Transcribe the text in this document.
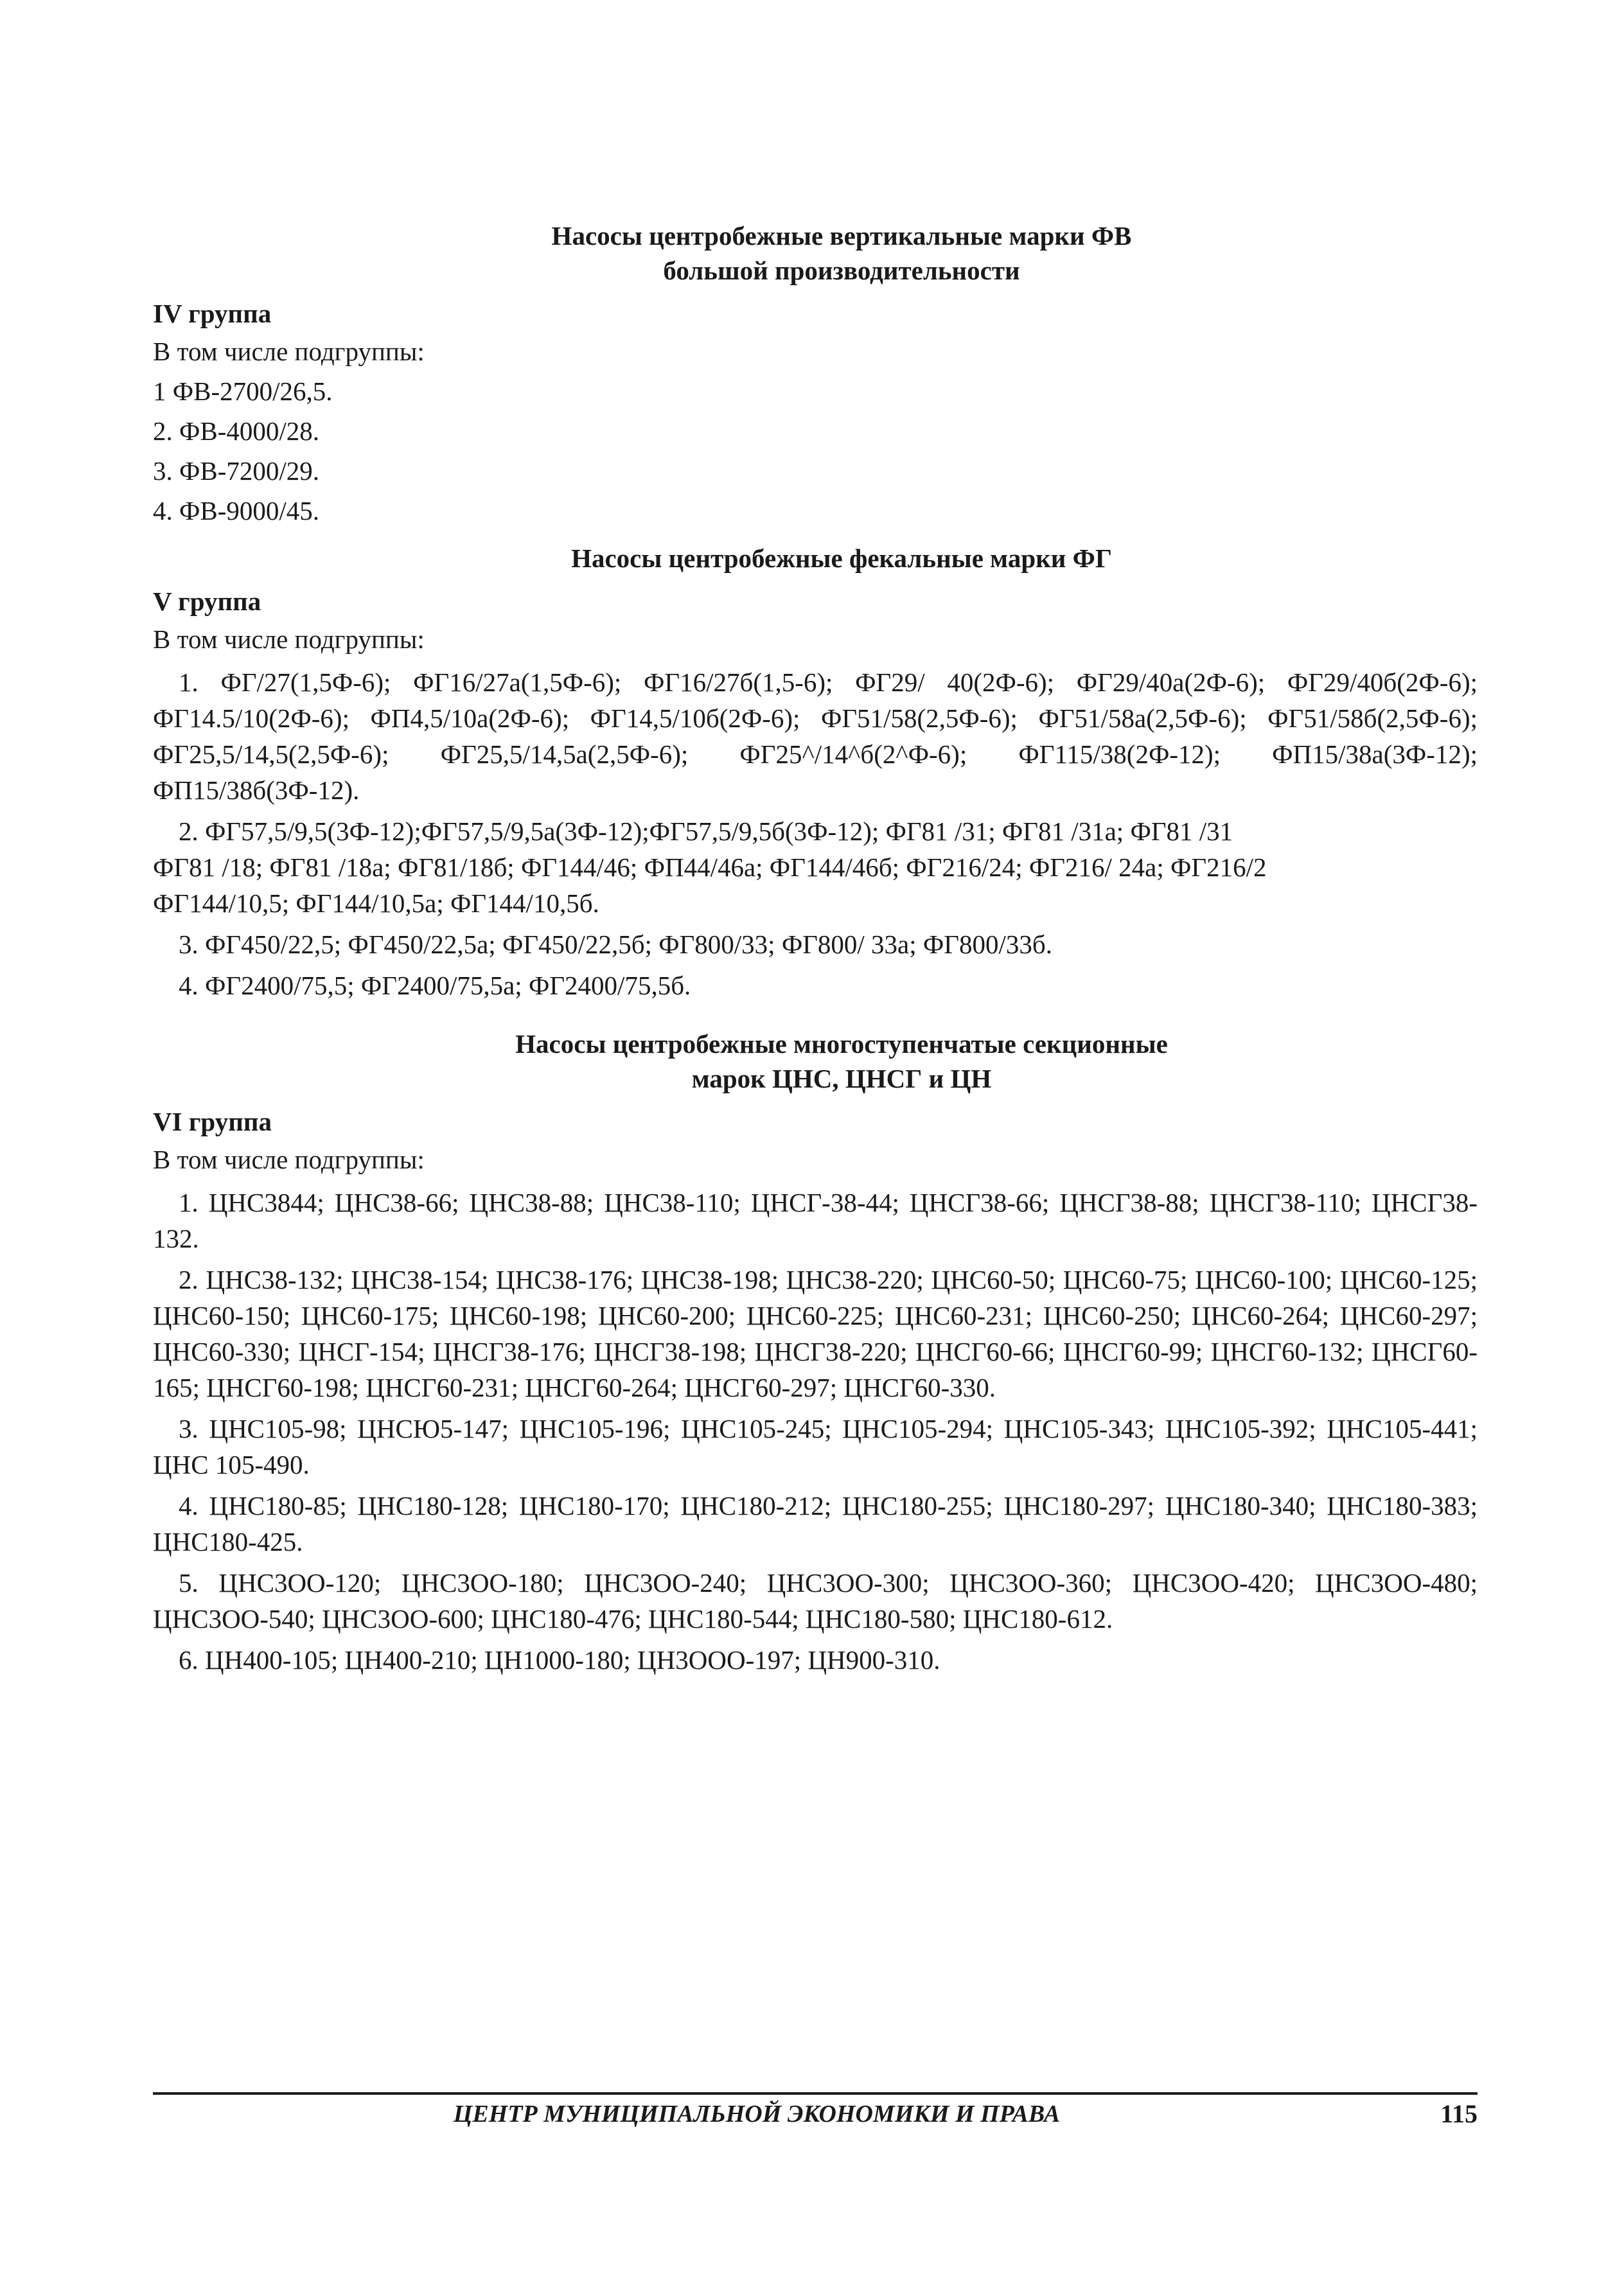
Насосы центробежные вертикальные марки ФВ
большой производительности
IV группа
В том числе подгруппы:
1 ФВ-2700/26,5.
2. ФВ-4000/28.
3. ФВ-7200/29.
4. ФВ-9000/45.
Насосы центробежные фекальные марки ФГ
V группа
В том числе подгруппы:
1. ФГ/27(1,5Ф-6); ФГ16/27а(1,5Ф-6); ФГ16/27б(1,5-6); ФГ29/ 40(2Ф-6); ФГ29/40а(2Ф-6); ФГ29/40б(2Ф-6); ФГ14.5/10(2Ф-6); ФП4,5/10а(2Ф-6); ФГ14,5/10б(2Ф-6); ФГ51/58(2,5Ф-6); ФГ51/58а(2,5Ф-6); ФГ51/58б(2,5Ф-6); ФГ25,5/14,5(2,5Ф-6); ФГ25,5/14,5а(2,5Ф-6); ФГ25^/14^б(2^Ф-6); ФГ115/38(2Ф-12); ФП15/38а(3Ф-12); ФП15/38б(3Ф-12).
2. ФГ57,5/9,5(3Ф-12);ФГ57,5/9,5а(3Ф-12);ФГ57,5/9,5б(3Ф-12); ФГ81 /31; ФГ81 /31а; ФГ81 /31
ФГ81 /18; ФГ81 /18а; ФГ81/18б; ФГ144/46; ФП44/46а; ФГ144/46б; ФГ216/24; ФГ216/ 24а; ФГ216/2
ФГ144/10,5; ФГ144/10,5а; ФГ144/10,5б.
3. ФГ450/22,5; ФГ450/22,5а; ФГ450/22,5б; ФГ800/33; ФГ800/ 33а; ФГ800/33б.
4. ФГ2400/75,5; ФГ2400/75,5а; ФГ2400/75,5б.
Насосы центробежные многоступенчатые секционные
марок ЦНС, ЦНСГ и ЦН
VI группа
В том числе подгруппы:
1. ЦНС3844; ЦНС38-66; ЦНС38-88; ЦНС38-110; ЦНСГ-38-44; ЦНСГ38-66; ЦНСГ38-88; ЦНСГ38-110; ЦНСГ38-132.
2. ЦНС38-132; ЦНС38-154; ЦНС38-176; ЦНС38-198; ЦНС38-220; ЦНС60-50; ЦНС60-75; ЦНС60-100; ЦНС60-125; ЦНС60-150; ЦНС60-175; ЦНС60-198; ЦНС60-200; ЦНС60-225; ЦНС60-231; ЦНС60-250; ЦНС60-264; ЦНС60-297; ЦНС60-330; ЦНСГ-154; ЦНСГ38-176; ЦНСГ38-198; ЦНСГ38-220; ЦНСГ60-66; ЦНСГ60-99; ЦНСГ60-132; ЦНСГ60-165; ЦНСГ60-198; ЦНСГ60-231; ЦНСГ60-264; ЦНСГ60-297; ЦНСГ60-330.
3. ЦНС105-98; ЦНСЮ5-147; ЦНС105-196; ЦНС105-245; ЦНС105-294; ЦНС105-343; ЦНС105-392; ЦНС105-441; ЦНС 105-490.
4. ЦНС180-85; ЦНС180-128; ЦНС180-170; ЦНС180-212; ЦНС180-255; ЦНС180-297; ЦНС180-340; ЦНС180-383; ЦНС180-425.
5. ЦНС3ОО-120; ЦНС3ОО-180; ЦНС3ОО-240; ЦНС3ОО-300; ЦНС3ОО-360; ЦНС3ОО-420; ЦНС3ОО-480; ЦНС3ОО-540; ЦНС3ОО-600; ЦНС180-476; ЦНС180-544; ЦНС180-580; ЦНС180-612.
6. ЦН400-105; ЦН400-210; ЦН1000-180; ЦН3ООО-197; ЦН900-310.
ЦЕНТР МУНИЦИПАЛЬНОЙ ЭКОНОМИКИ И ПРАВА	115
